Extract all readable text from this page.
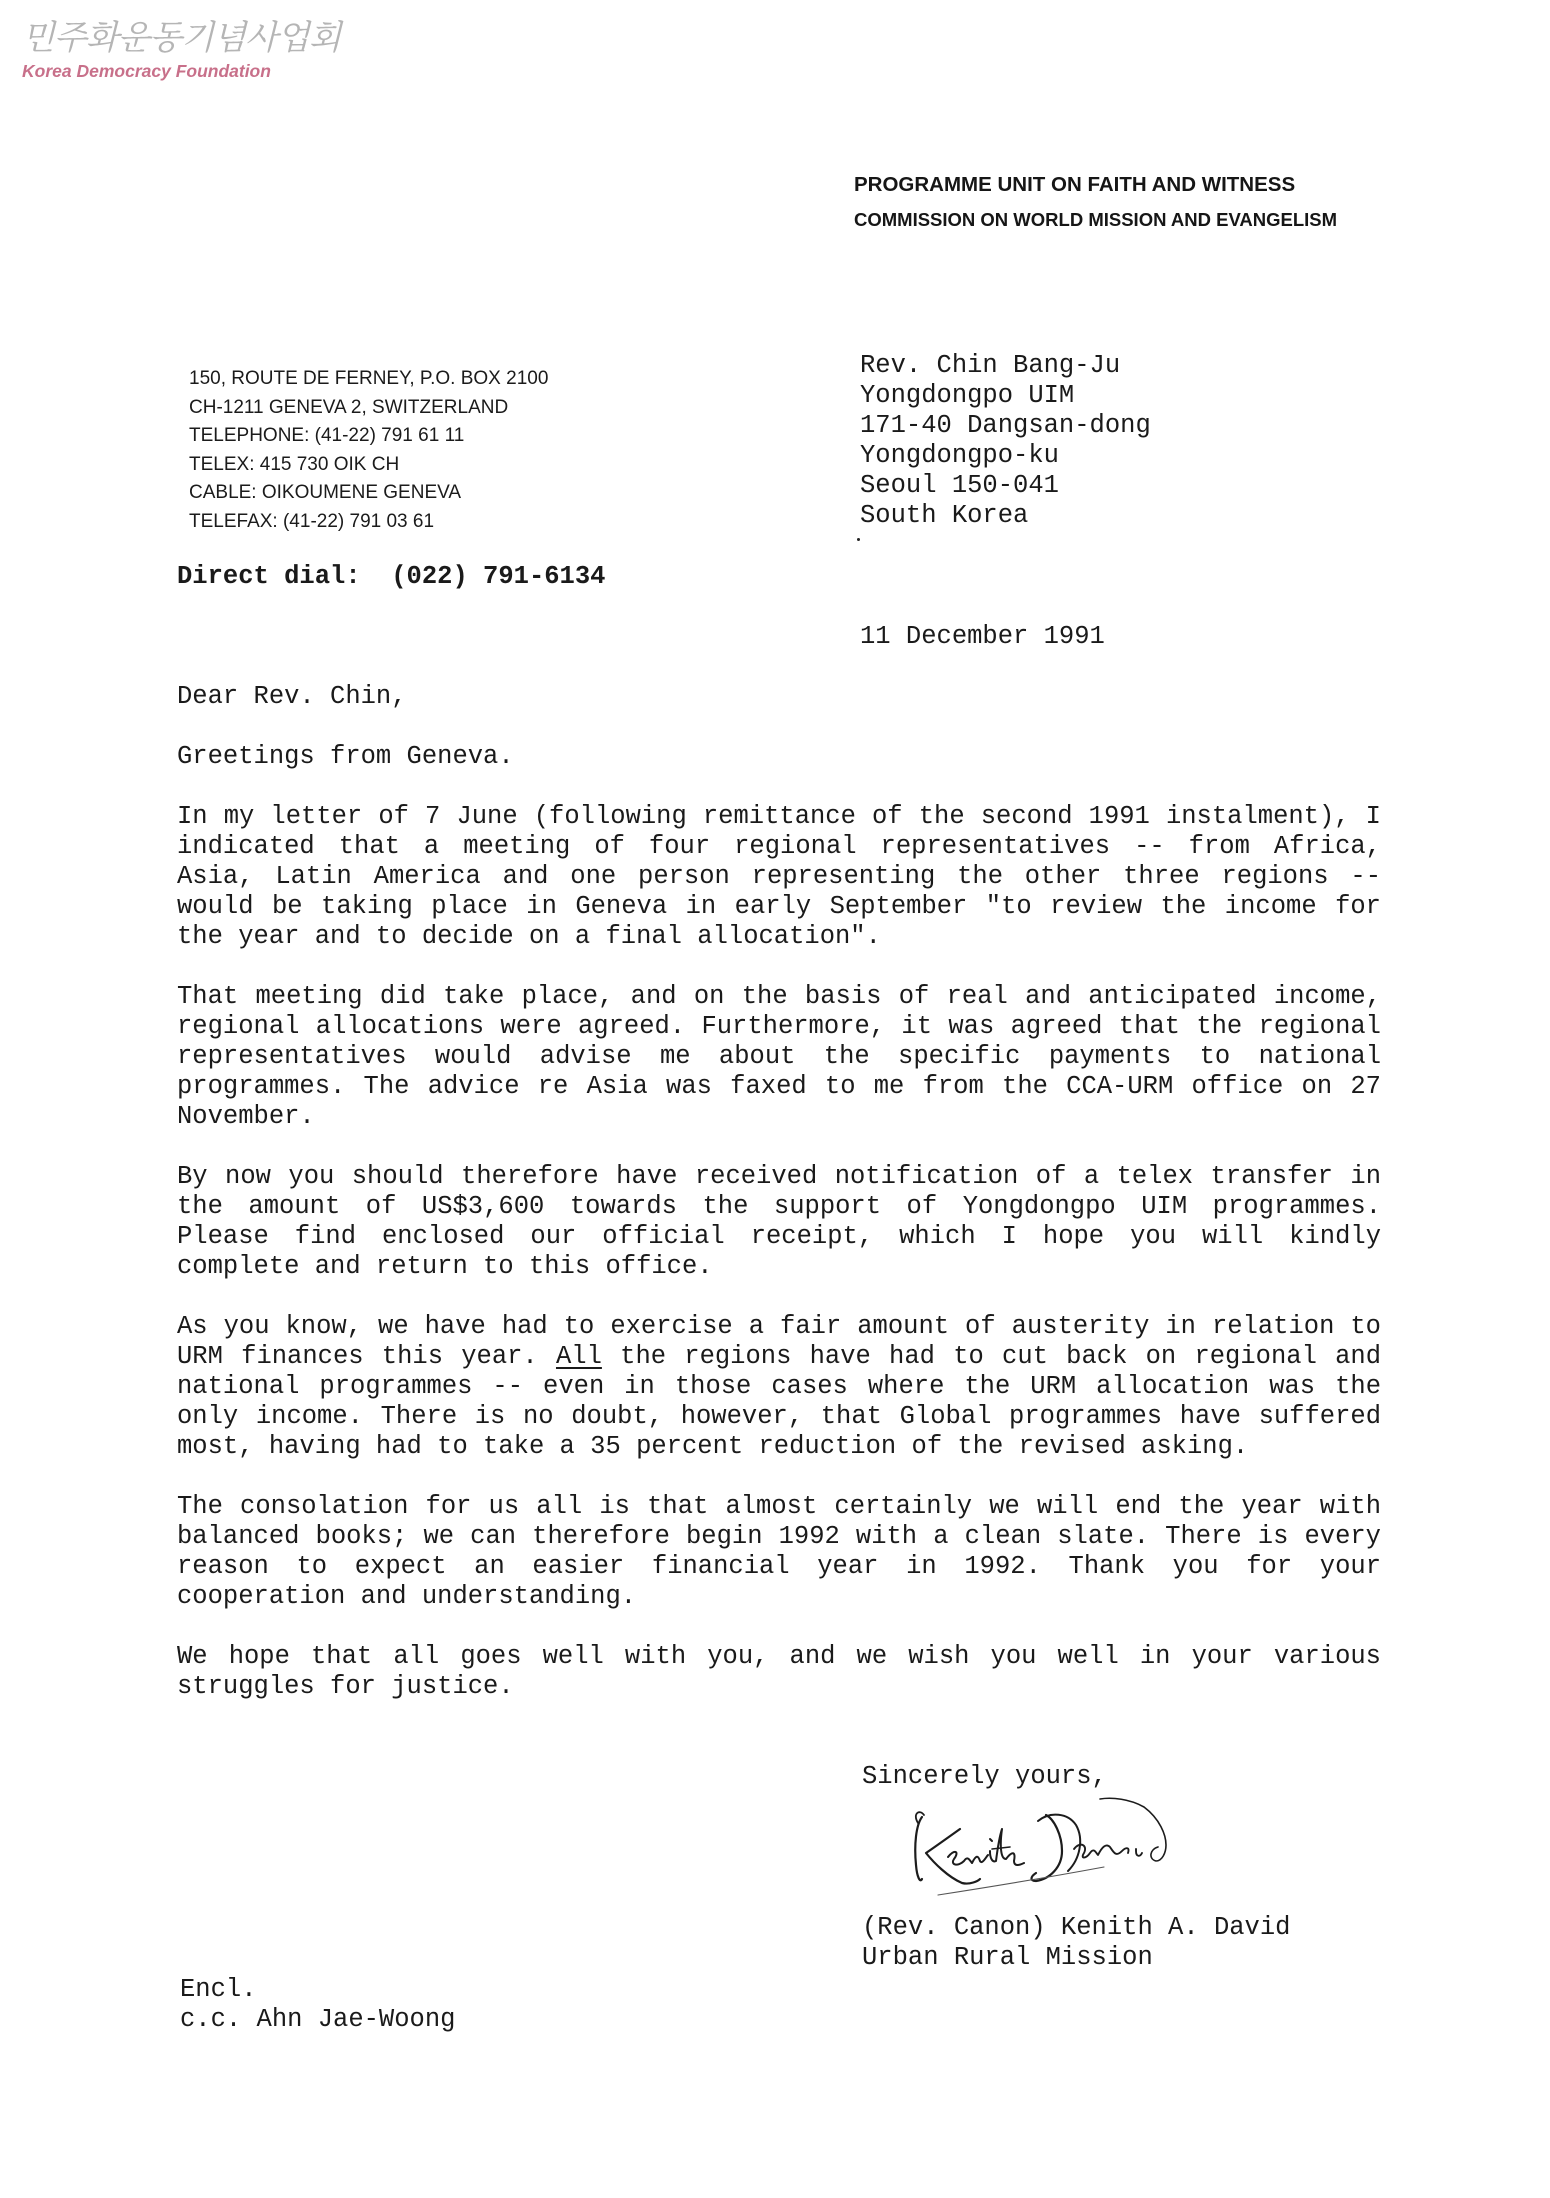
민주화운동기념사업회
Korea Democracy Foundation
PROGRAMME UNIT ON FAITH AND WITNESS
COMMISSION ON WORLD MISSION AND EVANGELISM
150, ROUTE DE FERNEY, P.O. BOX 2100
CH-1211 GENEVA 2, SWITZERLAND
TELEPHONE: (41-22) 791 61 11
TELEX: 415 730 OIK CH
CABLE: OIKOUMENE GENEVA
TELEFAX: (41-22) 791 03 61
Rev. Chin Bang-Ju
Yongdongpo UIM
171-40 Dangsan-dong
Yongdongpo-ku
Seoul 150-041
South Korea
Direct dial:  (022) 791-6134
11 December 1991
Dear Rev. Chin,
Greetings from Geneva.

In my letter of 7 June (following remittance of the second 1991 instalment), I indicated that a meeting of four regional representatives -- from Africa, Asia, Latin America and one person representing the other three regions -- would be taking place in Geneva in early September "to review the income for the year and to decide on a final allocation".

That meeting did take place, and on the basis of real and anticipated income, regional allocations were agreed. Furthermore, it was agreed that the regional representatives would advise me about the specific payments to national programmes. The advice re Asia was faxed to me from the CCA-URM office on 27 November.

By now you should therefore have received notification of a telex transfer in the amount of US$3,600 towards the support of Yongdongpo UIM programmes. Please find enclosed our official receipt, which I hope you will kindly complete and return to this office.

As you know, we have had to exercise a fair amount of austerity in relation to URM finances this year. All the regions have had to cut back on regional and national programmes -- even in those cases where the URM allocation was the only income. There is no doubt, however, that Global programmes have suffered most, having had to take a 35 percent reduction of the revised asking.

The consolation for us all is that almost certainly we will end the year with balanced books; we can therefore begin 1992 with a clean slate. There is every reason to expect an easier financial year in 1992. Thank you for your cooperation and understanding.

We hope that all goes well with you, and we wish you well in your various struggles for justice.

Sincerely yours,
(Rev. Canon) Kenith A. David
Urban Rural Mission
Encl.
c.c. Ahn Jae-Woong
